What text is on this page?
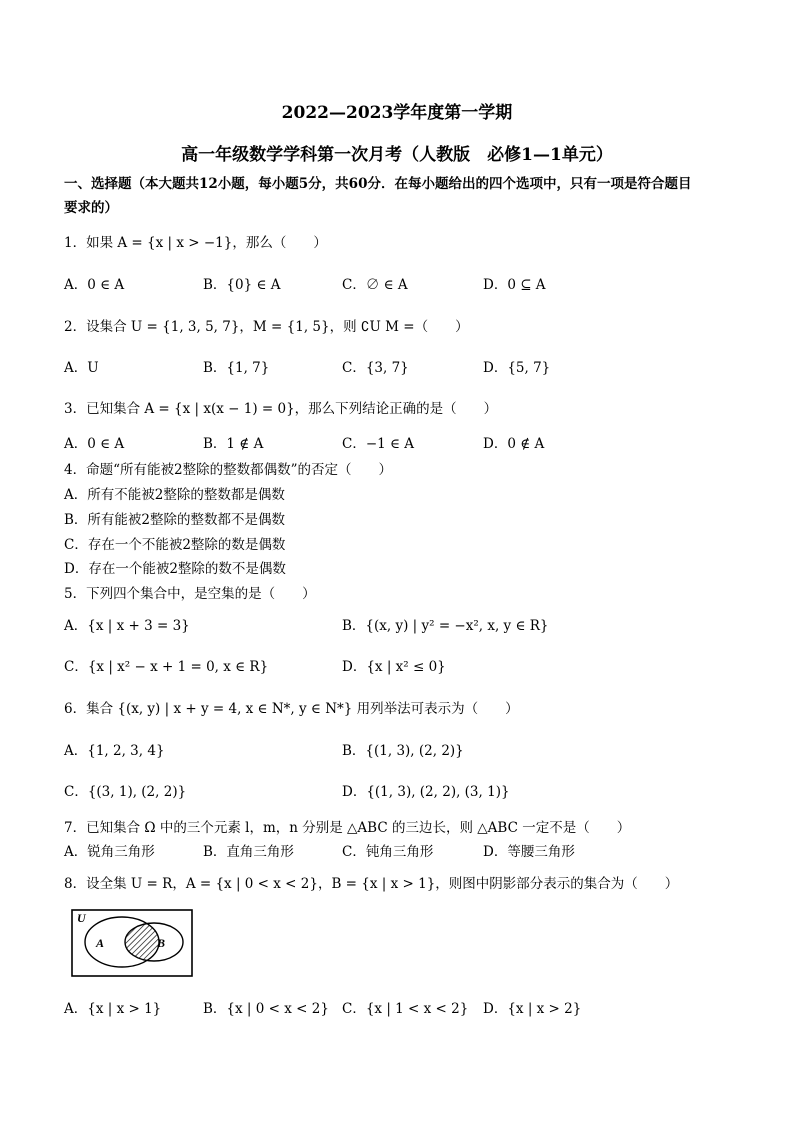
2022—2023学年度第一学期
高一年级数学学科第一次月考（人教版　必修1—1单元）
一、选择题（本大题共12小题，每小题5分，共60分．在每小题给出的四个选项中，只有一项是符合题目
要求的）
1．如果 A = {x | x > −1}，那么（　　）
A．0 ∈ A	B．{0} ∈ A	C．∅ ∈ A	D．0 ⊆ A
2．设集合 U = {1, 3, 5, 7}，M = {1, 5}，则 ∁U M =（　　）
A．U	B．{1, 7}	C．{3, 7}	D．{5, 7}
3．已知集合 A = {x | x(x − 1) = 0}，那么下列结论正确的是（　　）
A．0 ∈ A	B．1 ∉ A	C．−1 ∈ A	D．0 ∉ A
4．命题“所有能被2整除的整数都偶数”的否定（　　）
A．所有不能被2整除的整数都是偶数
B．所有能被2整除的整数都不是偶数
C．存在一个不能被2整除的数是偶数
D．存在一个能被2整除的数不是偶数
5．下列四个集合中，是空集的是（　　）
A．{x | x + 3 = 3}	B．{(x, y) | y² = −x², x, y ∈ R}
C．{x | x² − x + 1 = 0, x ∈ R}	D．{x | x² ≤ 0}
6．集合 {(x, y) | x + y = 4, x ∈ N*, y ∈ N*} 用列举法可表示为（　　）
A．{1, 2, 3, 4}	B．{(1, 3), (2, 2)}
C．{(3, 1), (2, 2)}	D．{(1, 3), (2, 2), (3, 1)}
7．已知集合 Ω 中的三个元素 l，m，n 分别是 △ABC 的三边长，则 △ABC 一定不是（　　）
A．锐角三角形	B．直角三角形	C．钝角三角形	D．等腰三角形
8．设全集 U = R，A = {x | 0 < x < 2}，B = {x | x > 1}，则图中阴影部分表示的集合为（　　）
U
A	B
A．{x | x > 1}	B．{x | 0 < x < 2} C．{x | 1 < x < 2} D．{x | x > 2}
